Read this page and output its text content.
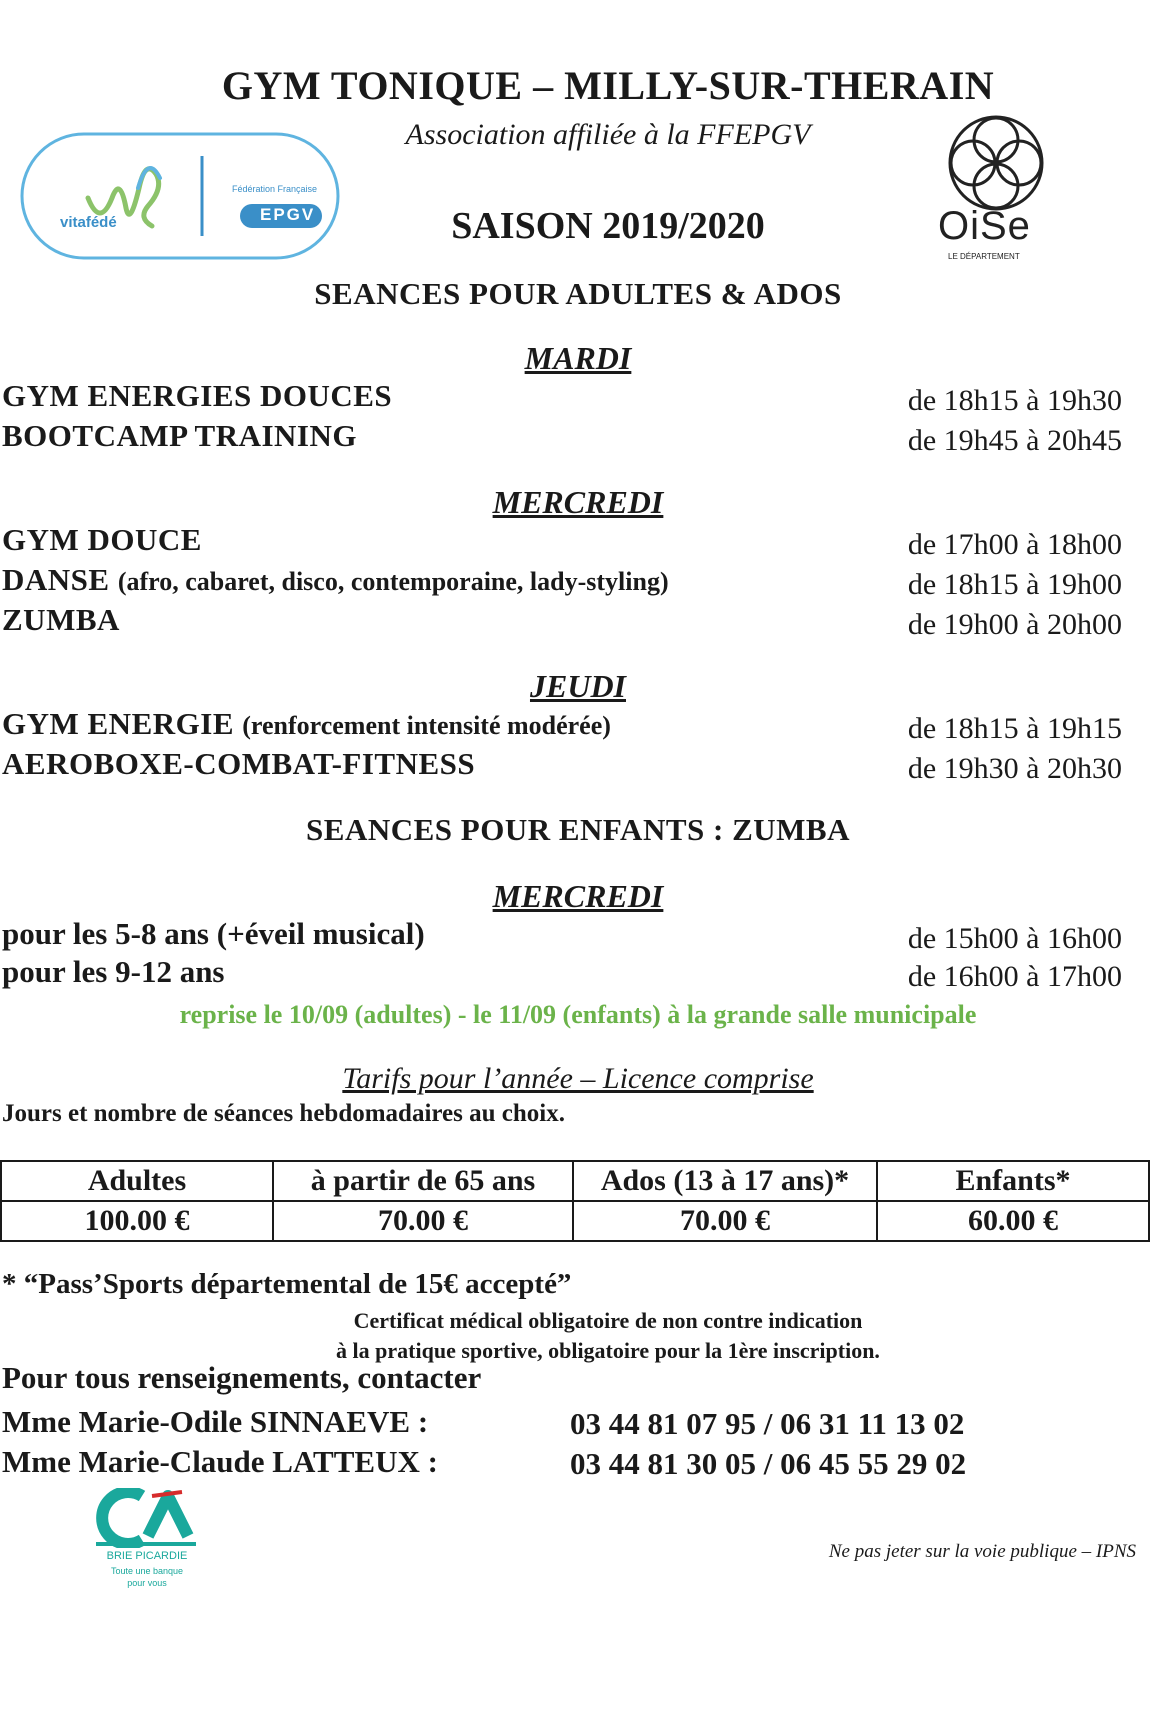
GYM TONIQUE – MILLY-SUR-THERAIN
Association affiliée à la FFEPGV
SAISON 2019/2020
vitafédé
Fédération Française
EPGV	OiSe
LE DÉPARTEMENT
SEANCES POUR ADULTES & ADOS
MARDI
GYM ENERGIES DOUCES	de 18h15 à 19h30
BOOTCAMP TRAINING	de 19h45 à 20h45
MERCREDI
GYM DOUCE	de 17h00 à 18h00
DANSE (afro, cabaret, disco, contemporaine, lady-styling)	de 18h15 à 19h00
ZUMBA	de 19h00 à 20h00
JEUDI
GYM ENERGIE (renforcement intensité modérée)	de 18h15 à 19h15
AEROBOXE-COMBAT-FITNESS	de 19h30 à 20h30
SEANCES POUR ENFANTS : ZUMBA
MERCREDI
pour les 5-8 ans (+éveil musical)	de 15h00 à 16h00
pour les 9-12 ans	de 16h00 à 17h00
reprise le 10/09 (adultes) - le 11/09 (enfants) à la grande salle municipale
Tarifs pour l’année – Licence comprise
Jours et nombre de séances hebdomadaires au choix.
Adultes	à partir de 65 ans	Ados (13 à 17 ans)*	Enfants*
100.00 €	70.00 €	70.00 €	60.00 €
* “Pass’Sports départemental de 15€ accepté”
Certificat médical obligatoire de non contre indication
à la pratique sportive, obligatoire pour la 1ère inscription.
Pour tous renseignements, contacter
Mme Marie-Odile SINNAEVE :	03 44 81 07 95 / 06 31 11 13 02
Mme Marie-Claude LATTEUX :	03 44 81 30 05 / 06 45 55 29 02
BRIE PICARDIE
Toute une banque
pour vous
Ne pas jeter sur la voie publique – IPNS
